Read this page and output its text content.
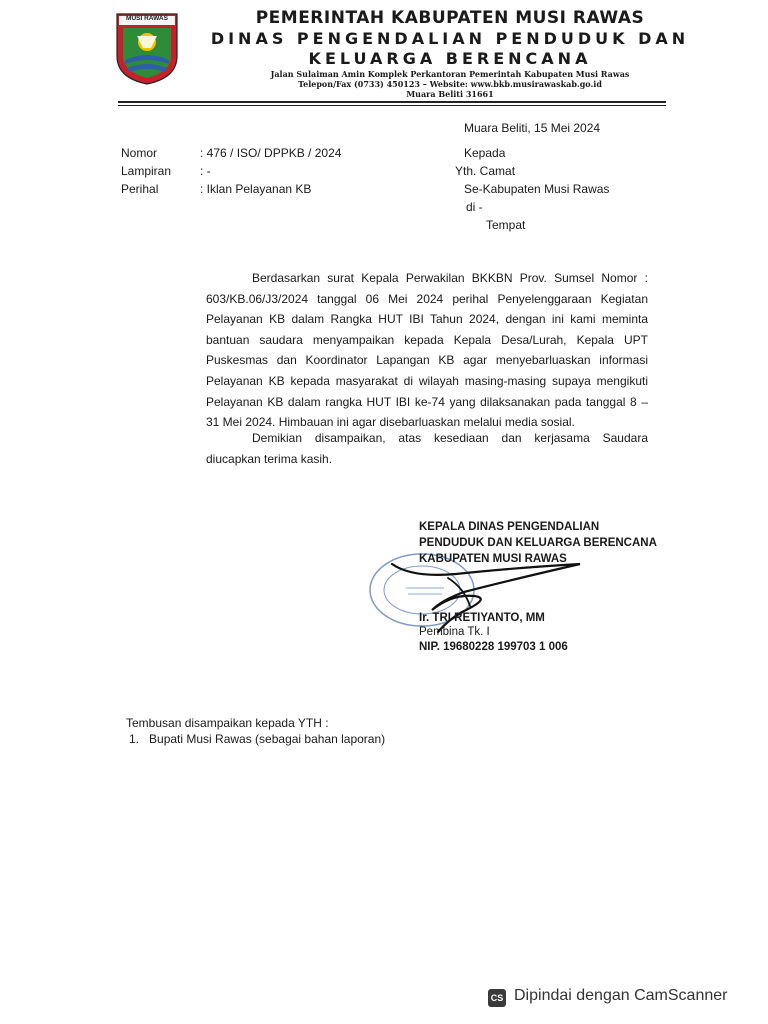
MUSI RAWAS	PEMERINTAH KABUPATEN MUSI RAWAS
DINAS PENGENDALIAN PENDUDUK DAN
KELUARGA BERENCANA
Jalan Sulaiman Amin Komplek Perkantoran Pemerintah Kabupaten Musi Rawas
Telepon/Fax (0733) 450123 – Website: www.bkb.musirawaskab.go.id
Muara Beliti 31661
Muara Beliti, 15 Mei 2024
Nomor	: 476 / ISO/ DPPKB / 2024
Lampiran : -
Perihal	: Iklan Pelayanan KB
Kepada
Yth. Camat
Se-Kabupaten Musi Rawas
di -
Tempat
Berdasarkan surat Kepala Perwakilan BKKBN Prov. Sumsel Nomor : 603/KB.06/J3/2024 tanggal 06 Mei 2024 perihal Penyelenggaraan Kegiatan Pelayanan KB dalam Rangka HUT IBI Tahun 2024, dengan ini kami meminta bantuan saudara menyampaikan kepada Kepala Desa/Lurah, Kepala UPT Puskesmas dan Koordinator Lapangan KB agar menyebarluaskan informasi Pelayanan KB kepada masyarakat di wilayah masing-masing supaya mengikuti Pelayanan KB dalam rangka HUT IBI ke-74 yang dilaksanakan pada tanggal 8 – 31 Mei 2024. Himbauan ini agar disebarluaskan melalui media sosial.
Demikian disampaikan, atas kesediaan dan kerjasama Saudara diucapkan terima kasih.
KEPALA DINAS PENGENDALIAN
PENDUDUK DAN KELUARGA BERENCANA
KABUPATEN MUSI RAWAS
Ir. TRI RETIYANTO, MM
Pembina Tk. I
NIP. 19680228 199703 1 006
Tembusan disampaikan kepada YTH :
1.   Bupati Musi Rawas (sebagai bahan laporan)
CS Dipindai dengan CamScanner
